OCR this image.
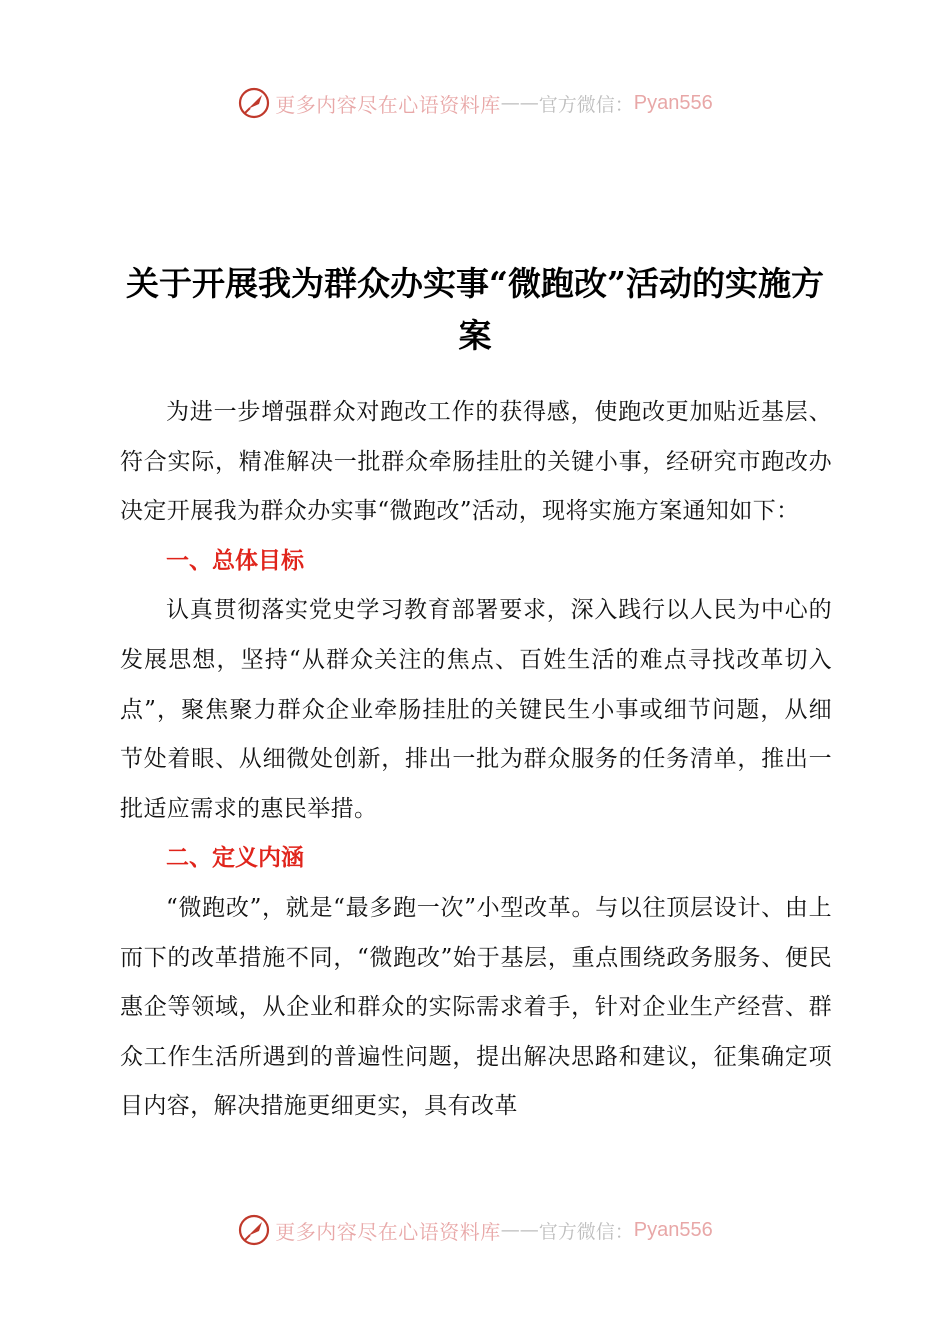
更多内容尽在心语资料库 —— 官方微信： Pyan556
关于开展我为群众办实事“微跑改”活动的实施方案

为进一步增强群众对跑改工作的获得感，使跑改更加贴近基层、符合实际，精准解决一批群众牵肠挂肚的关键小事，经研究市跑改办决定开展我为群众办实事“微跑改”活动，现将实施方案通知如下：

一、总体目标

认真贯彻落实党史学习教育部署要求，深入践行以人民为中心的发展思想，坚持“从群众关注的焦点、百姓生活的难点寻找改革切入点”，聚焦聚力群众企业牵肠挂肚的关键民生小事或细节问题，从细节处着眼、从细微处创新，排出一批为群众服务的任务清单，推出一批适应需求的惠民举措。

二、定义内涵

“微跑改”，就是“最多跑一次”小型改革。与以往顶层设计、由上而下的改革措施不同，“微跑改”始于基层，重点围绕政务服务、便民惠企等领域，从企业和群众的实际需求着手，针对企业生产经营、群众工作生活所遇到的普遍性问题，提出解决思路和建议，征集确定项目内容，解决措施更细更实，具有改革

更多内容尽在心语资料库 —— 官方微信： Pyan556
